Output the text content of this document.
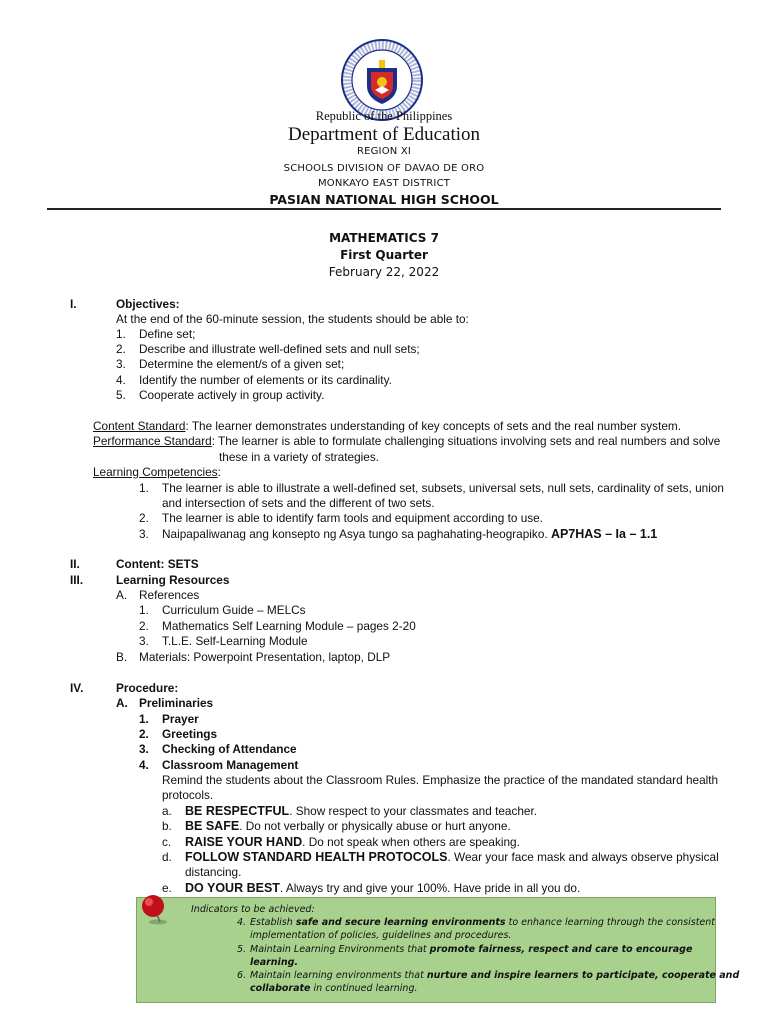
Republic of the Philippines
Department of Education
REGION XI
SCHOOLS DIVISION OF DAVAO DE ORO
MONKAYO EAST DISTRICT
PASIAN NATIONAL HIGH SCHOOL
MATHEMATICS 7
First Quarter
February 22, 2022
I.	Objectives:
At the end of the 60-minute session, the students should be able to:
1. Define set;
2. Describe and illustrate well-defined sets and null sets;
3. Determine the element/s of a given set;
4. Identify the number of elements or its cardinality.
5. Cooperate actively in group activity.
Content Standard: The learner demonstrates understanding of key concepts of sets and the real number system.
Performance Standard: The learner is able to formulate challenging situations involving sets and real numbers and solve
these in a variety of strategies.
Learning Competencies:
1. The learner is able to illustrate a well-defined set, subsets, universal sets, null sets, cardinality of sets, union
and intersection of sets and the different of two sets.
2. The learner is able to identify farm tools and equipment according to use.
3. Naipapaliwanag ang konsepto ng Asya tungo sa paghahating-heograpiko. AP7HAS – Ia – 1.1
II.	Content: SETS
III.	Learning Resources
A. References
1. Curriculum Guide – MELCs
2. Mathematics Self Learning Module – pages 2-20
3. T.L.E. Self-Learning Module
B. Materials: Powerpoint Presentation, laptop, DLP
IV.	Procedure:
A. Preliminaries
1. Prayer
2. Greetings
3. Checking of Attendance
4. Classroom Management
Remind the students about the Classroom Rules. Emphasize the practice of the mandated standard health
protocols.
a. BE RESPECTFUL. Show respect to your classmates and teacher.
b. BE SAFE. Do not verbally or physically abuse or hurt anyone.
c. RAISE YOUR HAND. Do not speak when others are speaking.
d. FOLLOW STANDARD HEALTH PROTOCOLS. Wear your face mask and always observe physical
distancing.
e. DO YOUR BEST. Always try and give your 100%. Have pride in all you do.
Indicators to be achieved:
4. Establish safe and secure learning environments to enhance learning through the consistent
implementation of policies, guidelines and procedures.
5. Maintain Learning Environments that promote fairness, respect and care to encourage
learning.
6. Maintain learning environments that nurture and inspire learners to participate, cooperate and
collaborate in continued learning.
